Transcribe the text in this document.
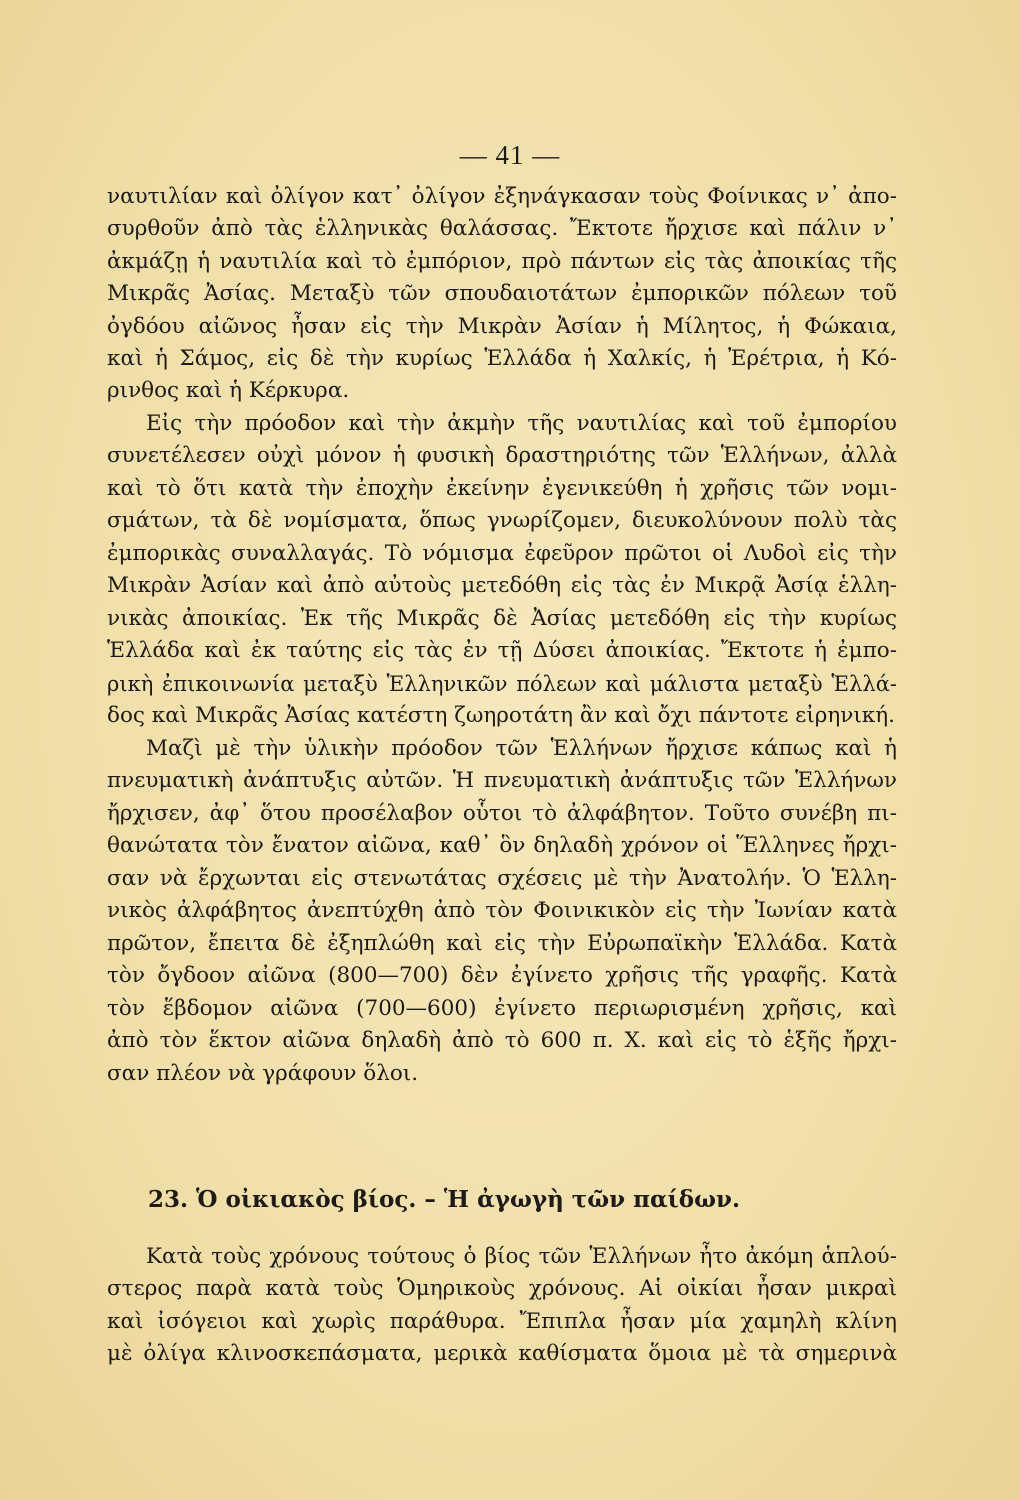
— 41 —
ναυτιλίαν καὶ ὀλίγον κατ᾿ ὀλίγον ἐξηνάγκασαν τοὺς Φοίνικας ν᾿ ἀπο-
συρθοῦν ἀπὸ τὰς ἑλληνικὰς θαλάσσας. Ἔκτοτε ἤρχισε καὶ πάλιν ν᾿
ἀκμάζῃ ἡ ναυτιλία καὶ τὸ ἐμπόριον, πρὸ πάντων εἰς τὰς ἀποικίας τῆς
Μικρᾶς Ἀσίας. Μεταξὺ τῶν σπουδαιοτάτων ἐμπορικῶν πόλεων τοῦ
ὀγδόου αἰῶνος ἦσαν εἰς τὴν Μικρὰν Ἀσίαν ἡ Μίλητος, ἡ Φώκαια,
καὶ ἡ Σάμος, εἰς δὲ τὴν κυρίως Ἑλλάδα ἡ Χαλκίς, ἡ Ἐρέτρια, ἡ Κό-
ρινθος καὶ ἡ Κέρκυρα.
Εἰς τὴν πρόοδον καὶ τὴν ἀκμὴν τῆς ναυτιλίας καὶ τοῦ ἐμπορίου
συνετέλεσεν οὐχὶ μόνον ἡ φυσικὴ δραστηριότης τῶν Ἑλλήνων, ἀλλὰ
καὶ τὸ ὅτι κατὰ τὴν ἐποχὴν ἐκείνην ἐγενικεύθη ἡ χρῆσις τῶν νομι-
σμάτων, τὰ δὲ νομίσματα, ὅπως γνωρίζομεν, διευκολύνουν πολὺ τὰς
ἐμπορικὰς συναλλαγάς. Τὸ νόμισμα ἐφεῦρον πρῶτοι οἱ Λυδοὶ εἰς τὴν
Μικρὰν Ἀσίαν καὶ ἀπὸ αὐτοὺς μετεδόθη εἰς τὰς ἐν Μικρᾷ Ἀσίᾳ ἑλλη-
νικὰς ἀποικίας. Ἐκ τῆς Μικρᾶς δὲ Ἀσίας μετεδόθη εἰς τὴν κυρίως
Ἑλλάδα καὶ ἐκ ταύτης εἰς τὰς ἐν τῇ Δύσει ἀποικίας. Ἔκτοτε ἡ ἐμπο-
ρικὴ ἐπικοινωνία μεταξὺ Ἑλληνικῶν πόλεων καὶ μάλιστα μεταξὺ Ἑλλά-
δος καὶ Μικρᾶς Ἀσίας κατέστη ζωηροτάτη ἂν καὶ ὄχι πάντοτε εἰρηνική.
Μαζὶ μὲ τὴν ὑλικὴν πρόοδον τῶν Ἑλλήνων ἤρχισε κάπως καὶ ἡ
πνευματικὴ ἀνάπτυξις αὐτῶν. Ἡ πνευματικὴ ἀνάπτυξις τῶν Ἑλλήνων
ἤρχισεν, ἀφ᾿ ὅτου προσέλαβον οὗτοι τὸ ἀλφάβητον. Τοῦτο συνέβη πι-
θανώτατα τὸν ἔνατον αἰῶνα, καθ᾿ ὃν δηλαδὴ χρόνον οἱ Ἕλληνες ἤρχι-
σαν νὰ ἔρχωνται εἰς στενωτάτας σχέσεις μὲ τὴν Ἀνατολήν. Ὁ Ἑλλη-
νικὸς ἀλφάβητος ἀνεπτύχθη ἀπὸ τὸν Φοινικικὸν εἰς τὴν Ἰωνίαν κατὰ
πρῶτον, ἔπειτα δὲ ἐξηπλώθη καὶ εἰς τὴν Εὐρωπαϊκὴν Ἑλλάδα. Κατὰ
τὸν ὄγδοον αἰῶνα (800—700) δὲν ἐγίνετο χρῆσις τῆς γραφῆς. Κατὰ
τὸν ἕβδομον αἰῶνα (700—600) ἐγίνετο περιωρισμένη χρῆσις, καὶ
ἀπὸ τὸν ἕκτον αἰῶνα δηλαδὴ ἀπὸ τὸ 600 π. Χ. καὶ εἰς τὸ ἑξῆς ἤρχι-
σαν πλέον νὰ γράφουν ὅλοι.
23. Ὁ οἰκιακὸς βίος. – Ἡ ἀγωγὴ τῶν παίδων.
Κατὰ τοὺς χρόνους τούτους ὁ βίος τῶν Ἑλλήνων ἦτο ἀκόμη ἁπλού-
στερος παρὰ κατὰ τοὺς Ὁμηρικοὺς χρόνους. Αἱ οἰκίαι ἦσαν μικραὶ
καὶ ἰσόγειοι καὶ χωρὶς παράθυρα. Ἔπιπλα ἦσαν μία χαμηλὴ κλίνη
μὲ ὀλίγα κλινοσκεπάσματα, μερικὰ καθίσματα ὅμοια μὲ τὰ σημερινὰ
